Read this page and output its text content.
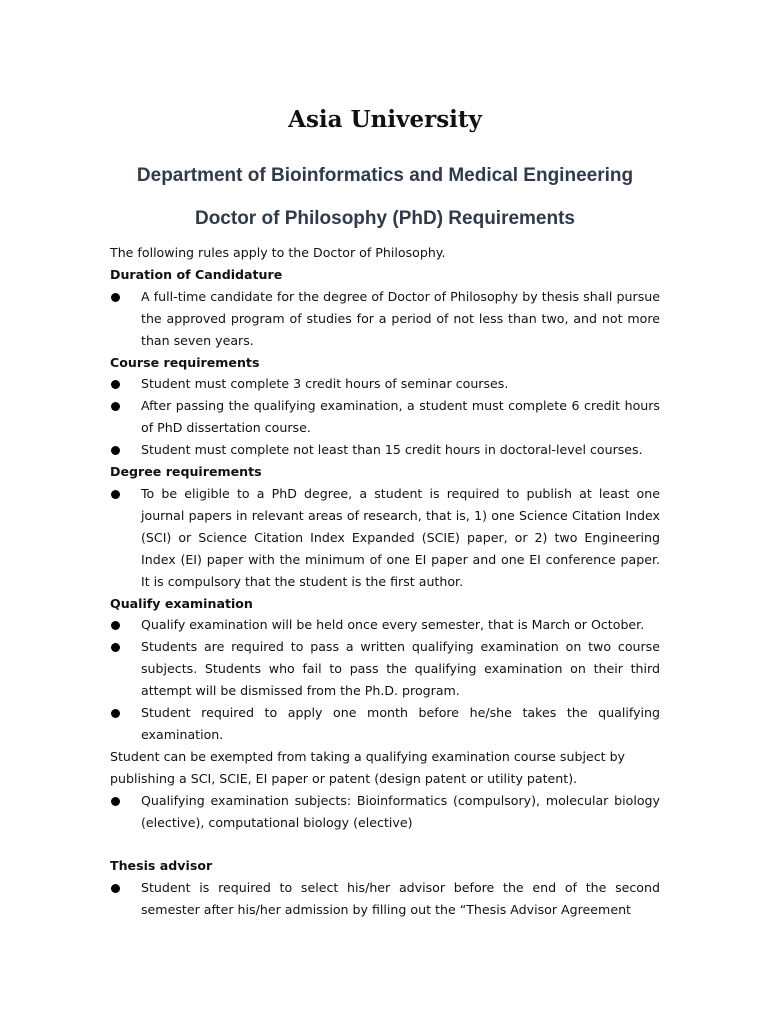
Asia University
Department of Bioinformatics and Medical Engineering
Doctor of Philosophy (PhD) Requirements

The following rules apply to the Doctor of Philosophy.

Duration of Candidature

A full-time candidate for the degree of Doctor of Philosophy by thesis shall pursue the approved program of studies for a period of not less than two, and not more than seven years.

Course requirements

Student must complete 3 credit hours of seminar courses.

After passing the qualifying examination, a student must complete 6 credit hours of PhD dissertation course.

Student must complete not least than 15 credit hours in doctoral-level courses.

Degree requirements

To be eligible to a PhD degree, a student is required to publish at least one journal papers in relevant areas of research, that is, 1) one Science Citation Index (SCI) or Science Citation Index Expanded (SCIE) paper, or 2) two Engineering Index (EI) paper with the minimum of one EI paper and one EI conference paper. It is compulsory that the student is the first author.

Qualify examination

Qualify examination will be held once every semester, that is March or October.

Students are required to pass a written qualifying examination on two course subjects. Students who fail to pass the qualifying examination on their third attempt will be dismissed from the Ph.D. program.

Student required to apply one month before he/she takes the qualifying examination.

Student can be exempted from taking a qualifying examination course subject by publishing a SCI, SCIE, EI paper or patent (design patent or utility patent).

Qualifying examination subjects: Bioinformatics (compulsory), molecular biology (elective), computational biology (elective)

Thesis advisor

Student is required to select his/her advisor before the end of the second semester after his/her admission by filling out the “Thesis Advisor Agreement
